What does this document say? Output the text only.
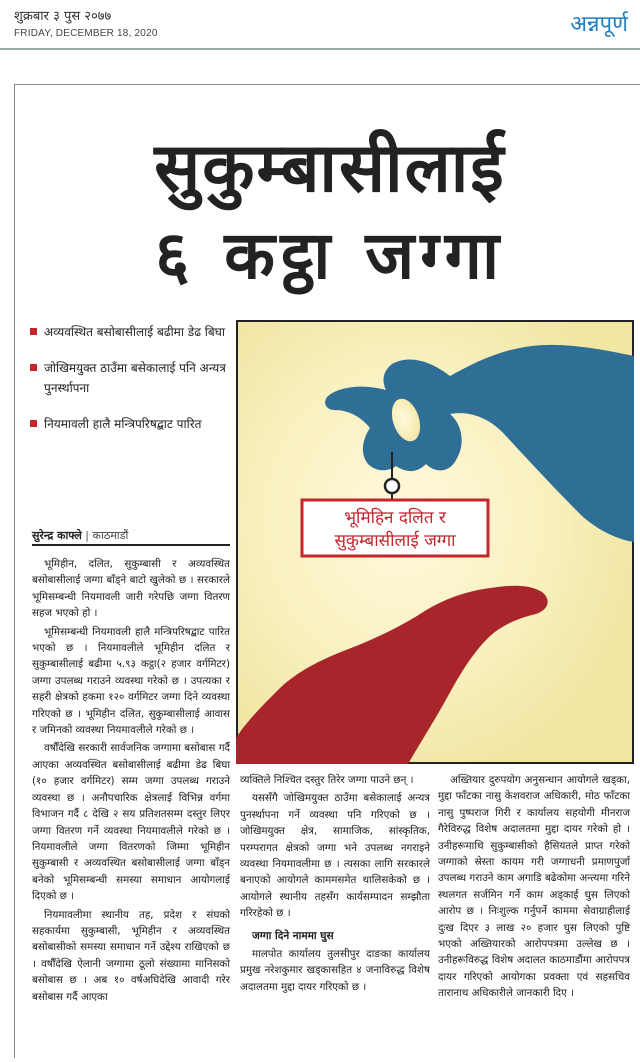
शुक्रबार ३ पुस २०७७
FRIDAY, DECEMBER 18, 2020	अन्नपूर्ण
सुकुम्बासीलाई
६ कट्ठा जग्गा
अव्यवस्थित बसोबासीलाई बढीमा डेढ बिघा
जोखिमयुक्त ठाउँमा बसेकालाई पनि अन्यत्र पुनर्स्थापना
नियमावली हालै मन्त्रिपरिषद्बाट पारित
भूमिहिन दलित र
सुकुम्बासीलाई जग्गा
सुरेन्द्र काफ्ले | काठमाडौं

भूमिहीन, दलित, सुकुम्बासी र अव्यवस्थित बसोबासीलाई जग्गा बाँड्ने बाटो खुलेको छ । सरकारले भूमिसम्बन्धी नियमावली जारी गरेपछि जग्गा वितरण सहज भएको हो ।

भूमिसम्बन्धी नियमावली हालै मन्त्रिपरिषद्बाट पारित भएको छ । नियमावलीले भूमिहीन दलित र सुकुम्बासीलाई बढीमा ५.९३ कट्ठा(२ हजार वर्गमिटर) जग्गा उपलब्ध गराउने व्यवस्था गरेको छ । उपत्यका र सहरी क्षेत्रको हकमा १२० वर्गमिटर जग्गा दिने व्यवस्था गरिएको छ । भूमिहीन दलित, सुकुम्बासीलाई आवास र जमिनको व्यवस्था नियमावलीले गरेको छ ।

वर्षौंदेखि सरकारी सार्वजनिक जग्गामा बसोबास गर्दै आएका अव्यवस्थित बसोबासीलाई बढीमा डेढ बिघा (१० हजार वर्गमिटर) सम्म जग्गा उपलब्ध गराउने व्यवस्था छ । अनौपचारिक क्षेत्रलाई विभिन्न वर्गमा विभाजन गर्दै ८ देखि २ सय प्रतिशतसम्म दस्तुर लिएर जग्गा वितरण गर्ने व्यवस्था नियमावलीले गरेको छ । नियमावलीले जग्गा वितरणको जिम्मा भूमिहीन सुकुम्बासी र अव्यवस्थित बसोबासीलाई जग्गा बाँड्न बनेको भूमिसम्बन्धी समस्या समाधान आयोगलाई दिएको छ ।

नियमावलीमा स्थानीय तह, प्रदेश र संघको सहकार्यमा सुकुम्बासी, भूमिहीन र अव्यवस्थित बसोबासीको समस्या समाधान गर्ने उद्देश्य राखिएको छ । वर्षौंदेखि ऐलानी जग्गामा ठूलो संख्यामा मानिसको बसोबास छ । अब १० वर्षअघिदेखि आवादी गरेर बसोबास गर्दै आएका

व्यक्तिले निश्चित दस्तुर तिरेर जग्गा पाउने छन् ।

यससँगै जोखिमयुक्त ठाउँमा बसेकालाई अन्यत्र पुनर्स्थापना गर्ने व्यवस्था पनि गरिएको छ । जोखिमयुक्त क्षेत्र, सामाजिक, सांस्कृतिक, परम्परागत क्षेत्रको जग्गा भने उपलब्ध नगराइने व्यवस्था नियमावलीमा छ । त्यसका लागि सरकारले बनाएको आयोगले काममसमेत थालिसकेको छ । आयोगले स्थानीय तहसँग कार्यसम्पादन सम्झौता गरिरहेको छ ।

जग्गा दिने नाममा घुस

मालपोत कार्यालय तुलसीपुर दाङका कार्यालय प्रमुख नरेशकुमार खड्कासहित ४ जनाविरुद्ध विशेष अदालतमा मुद्दा दायर गरिएको छ ।

अख्तियार दुरुपयोग अनुसन्धान आयोगले खड्का, मुद्दा फाँटका नासु केशवराज अधिकारी, मोठ फाँटका नासु पुष्पराज गिरी र कार्यालय सहयोगी मीनराज गैरेविरुद्ध विशेष अदालतमा मुद्दा दायर गरेको हो । उनीहरूमाथि सुकुम्बासीको हैसियतले प्राप्त गरेको जग्गाको स्रेस्ता कायम गरी जग्गाधनी प्रमाणपुर्जा उपलब्ध गराउने काम अगाडि बढेकोमा अन्त्यमा गरिने स्थलगत सर्जमिन गर्ने काम अड्काई घुस लिएको आरोप छ । निःशुल्क गर्नुपर्ने काममा सेवाग्राहीलाई दुःख दिएर ३ लाख २० हजार घुस लिएको पुष्टि भएको अख्तियारको आरोपपत्रमा उल्लेख छ । उनीहरूविरुद्ध विशेष अदालत काठमाडौंमा आरोपपत्र दायर गरिएको आयोगका प्रवक्ता एवं सहसचिव तारानाथ अधिकारीले जानकारी दिए ।
